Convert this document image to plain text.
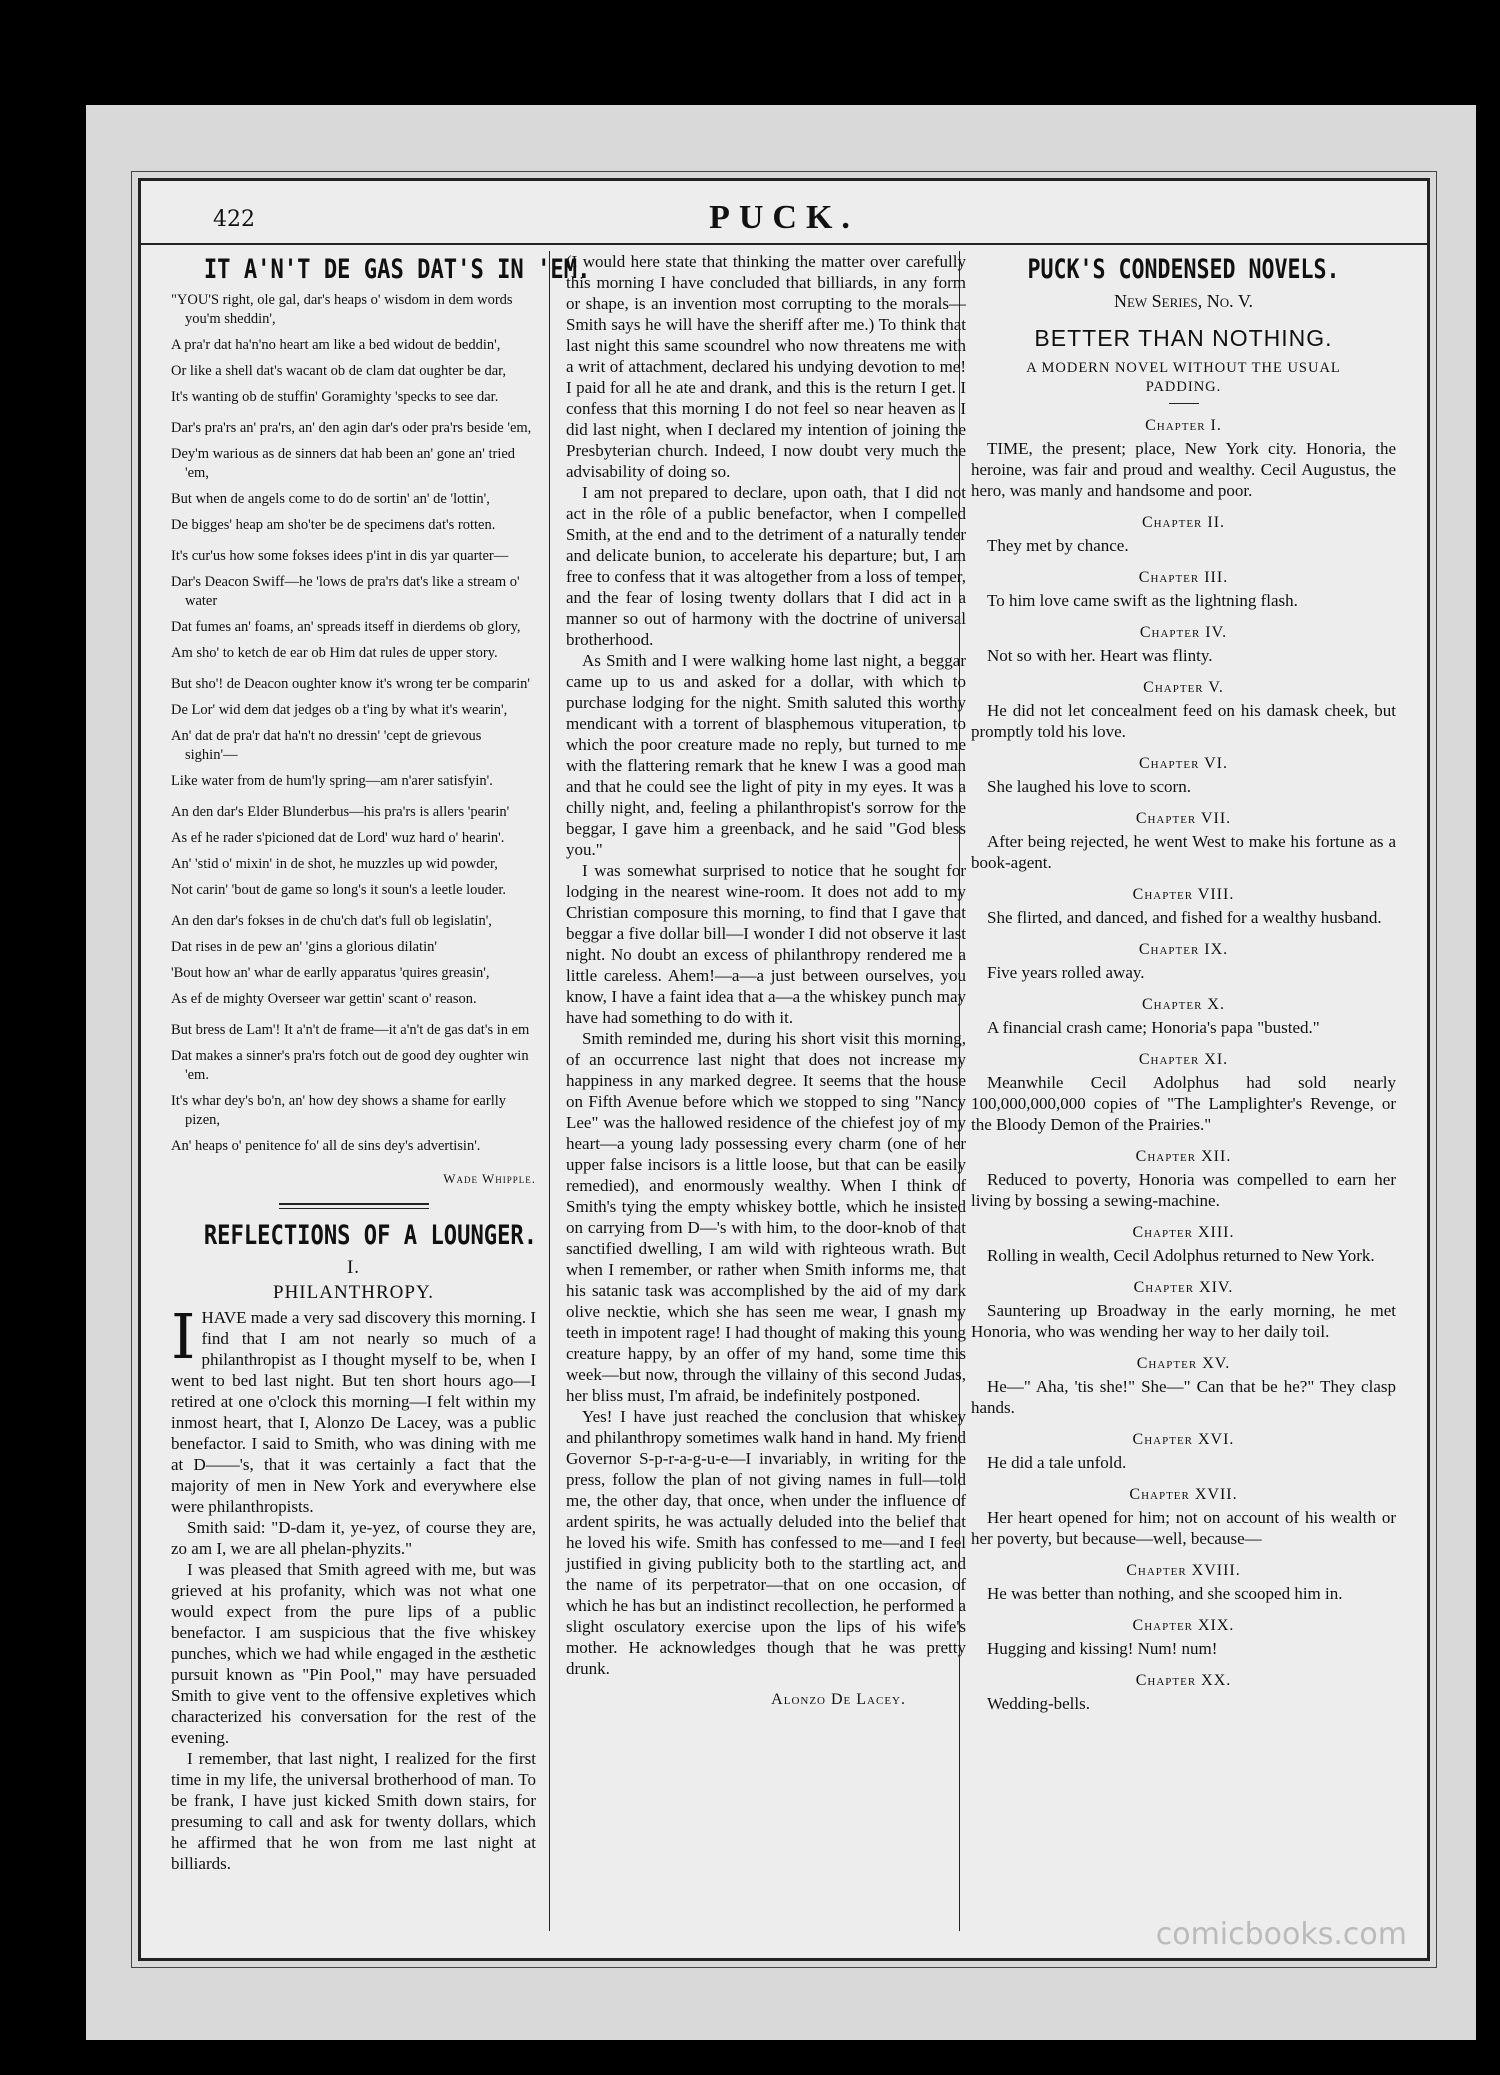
422	PUCK.
IT A'N'T DE GAS DAT'S IN 'EM.

"YOU'S right, ole gal, dar's heaps o' wisdom in dem words you'm sheddin',

A pra'r dat ha'n'no heart am like a bed widout de beddin',

Or like a shell dat's wacant ob de clam dat oughter be dar,

It's wanting ob de stuffin' Goramighty 'specks to see dar.

Dar's pra'rs an' pra'rs, an' den agin dar's oder pra'rs beside 'em,

Dey'm warious as de sinners dat hab been an' gone an' tried 'em,

But when de angels come to do de sortin' an' de 'lottin',

De bigges' heap am sho'ter be de specimens dat's rotten.

It's cur'us how some fokses idees p'int in dis yar quarter—

Dar's Deacon Swiff—he 'lows de pra'rs dat's like a stream o' water

Dat fumes an' foams, an' spreads itseff in dierdems ob glory,

Am sho' to ketch de ear ob Him dat rules de upper story.

But sho'! de Deacon oughter know it's wrong ter be comparin'

De Lor' wid dem dat jedges ob a t'ing by what it's wearin',

An' dat de pra'r dat ha'n't no dressin' 'cept de grievous sighin'—

Like water from de hum'ly spring—am n'arer satisfyin'.

An den dar's Elder Blunderbus—his pra'rs is allers 'pearin'

As ef he rader s'picioned dat de Lord' wuz hard o' hearin'.

An' 'stid o' mixin' in de shot, he muzzles up wid powder,

Not carin' 'bout de game so long's it soun's a leetle louder.

An den dar's fokses in de chu'ch dat's full ob legislatin',

Dat rises in de pew an' 'gins a glorious dilatin'

'Bout how an' whar de earlly apparatus 'quires greasin',

As ef de mighty Overseer war gettin' scant o' reason.

But bress de Lam'! It a'n't de frame—it a'n't de gas dat's in em

Dat makes a sinner's pra'rs fotch out de good dey oughter win 'em.

It's whar dey's bo'n, an' how dey shows a shame for earlly pizen,

An' heaps o' penitence fo' all de sins dey's advertisin'.

Wade Whipple.
REFLECTIONS OF A LOUNGER.
I.
PHILANTHROPY.

IHAVE made a very sad discovery this morning. I find that I am not nearly so much of a philanthropist as I thought myself to be, when I went to bed last night. But ten short hours ago—I retired at one o'clock this morning—I felt within my inmost heart, that I, Alonzo De Lacey, was a public benefactor. I said to Smith, who was dining with me at D——'s, that it was certainly a fact that the majority of men in New York and everywhere else were philanthropists.

Smith said: "D-dam it, ye-yez, of course they are, zo am I, we are all phelan-phyzits."

I was pleased that Smith agreed with me, but was grieved at his profanity, which was not what one would expect from the pure lips of a public benefactor. I am suspicious that the five whiskey punches, which we had while engaged in the æsthetic pursuit known as "Pin Pool," may have persuaded Smith to give vent to the offensive expletives which characterized his conversation for the rest of the evening.

I remember, that last night, I realized for the first time in my life, the universal brotherhood of man. To be frank, I have just kicked Smith down stairs, for presuming to call and ask for twenty dollars, which he affirmed that he won from me last night at billiards.

(I would here state that thinking the matter over carefully this morning I have concluded that billiards, in any form or shape, is an invention most corrupting to the morals—Smith says he will have the sheriff after me.) To think that last night this same scoundrel who now threatens me with a writ of attachment, declared his undying devotion to me! I paid for all he ate and drank, and this is the return I get. I confess that this morning I do not feel so near heaven as I did last night, when I declared my intention of joining the Presbyterian church. Indeed, I now doubt very much the advisability of doing so.

I am not prepared to declare, upon oath, that I did not act in the rôle of a public benefactor, when I compelled Smith, at the end and to the detriment of a naturally tender and delicate bunion, to accelerate his departure; but, I am free to confess that it was altogether from a loss of temper, and the fear of losing twenty dollars that I did act in a manner so out of harmony with the doctrine of universal brotherhood.

As Smith and I were walking home last night, a beggar came up to us and asked for a dollar, with which to purchase lodging for the night. Smith saluted this worthy mendicant with a torrent of blasphemous vituperation, to which the poor creature made no reply, but turned to me with the flattering remark that he knew I was a good man and that he could see the light of pity in my eyes. It was a chilly night, and, feeling a philanthropist's sorrow for the beggar, I gave him a greenback, and he said "God bless you."

I was somewhat surprised to notice that he sought for lodging in the nearest wine-room. It does not add to my Christian composure this morning, to find that I gave that beggar a five dollar bill—I wonder I did not observe it last night. No doubt an excess of philanthropy rendered me a little careless. Ahem!—a—a just between ourselves, you know, I have a faint idea that a—a the whiskey punch may have had something to do with it.

Smith reminded me, during his short visit this morning, of an occurrence last night that does not increase my happiness in any marked degree. It seems that the house on Fifth Avenue before which we stopped to sing "Nancy Lee" was the hallowed residence of the chiefest joy of my heart—a young lady possessing every charm (one of her upper false incisors is a little loose, but that can be easily remedied), and enormously wealthy. When I think of Smith's tying the empty whiskey bottle, which he insisted on carrying from D—'s with him, to the door-knob of that sanctified dwelling, I am wild with righteous wrath. But when I remember, or rather when Smith informs me, that his satanic task was accomplished by the aid of my dark olive necktie, which she has seen me wear, I gnash my teeth in impotent rage! I had thought of making this young creature happy, by an offer of my hand, some time this week—but now, through the villainy of this second Judas, her bliss must, I'm afraid, be indefinitely postponed.

Yes! I have just reached the conclusion that whiskey and philanthropy sometimes walk hand in hand. My friend Governor S-p-r-a-g-u-e—I invariably, in writing for the press, follow the plan of not giving names in full—told me, the other day, that once, when under the influence of ardent spirits, he was actually deluded into the belief that he loved his wife. Smith has confessed to me—and I feel justified in giving publicity both to the startling act, and the name of its perpetrator—that on one occasion, of which he has but an indistinct recollection, he performed a slight osculatory exercise upon the lips of his wife's mother. He acknowledges though that he was pretty drunk.

Alonzo De Lacey.
PUCK'S CONDENSED NOVELS.
New Series, No. V.
BETTER THAN NOTHING.
A MODERN NOVEL WITHOUT THE USUAL PADDING.
Chapter I.

TIME, the present; place, New York city. Honoria, the heroine, was fair and proud and wealthy. Cecil Augustus, the hero, was manly and handsome and poor.

Chapter II.

They met by chance.

Chapter III.

To him love came swift as the lightning flash.

Chapter IV.

Not so with her. Heart was flinty.

Chapter V.

He did not let concealment feed on his damask cheek, but promptly told his love.

Chapter VI.

She laughed his love to scorn.

Chapter VII.

After being rejected, he went West to make his fortune as a book-agent.

Chapter VIII.

She flirted, and danced, and fished for a wealthy husband.

Chapter IX.

Five years rolled away.

Chapter X.

A financial crash came; Honoria's papa "busted."

Chapter XI.

Meanwhile Cecil Adolphus had sold nearly 100,000,000,000 copies of "The Lamplighter's Revenge, or the Bloody Demon of the Prairies."

Chapter XII.

Reduced to poverty, Honoria was compelled to earn her living by bossing a sewing-machine.

Chapter XIII.

Rolling in wealth, Cecil Adolphus returned to New York.

Chapter XIV.

Sauntering up Broadway in the early morning, he met Honoria, who was wending her way to her daily toil.

Chapter XV.

He—" Aha, 'tis she!" She—" Can that be he?" They clasp hands.

Chapter XVI.

He did a tale unfold.

Chapter XVII.

Her heart opened for him; not on account of his wealth or her poverty, but because—well, because—

Chapter XVIII.

He was better than nothing, and she scooped him in.

Chapter XIX.

Hugging and kissing! Num! num!

Chapter XX.

Wedding-bells.

comicbooks.com
